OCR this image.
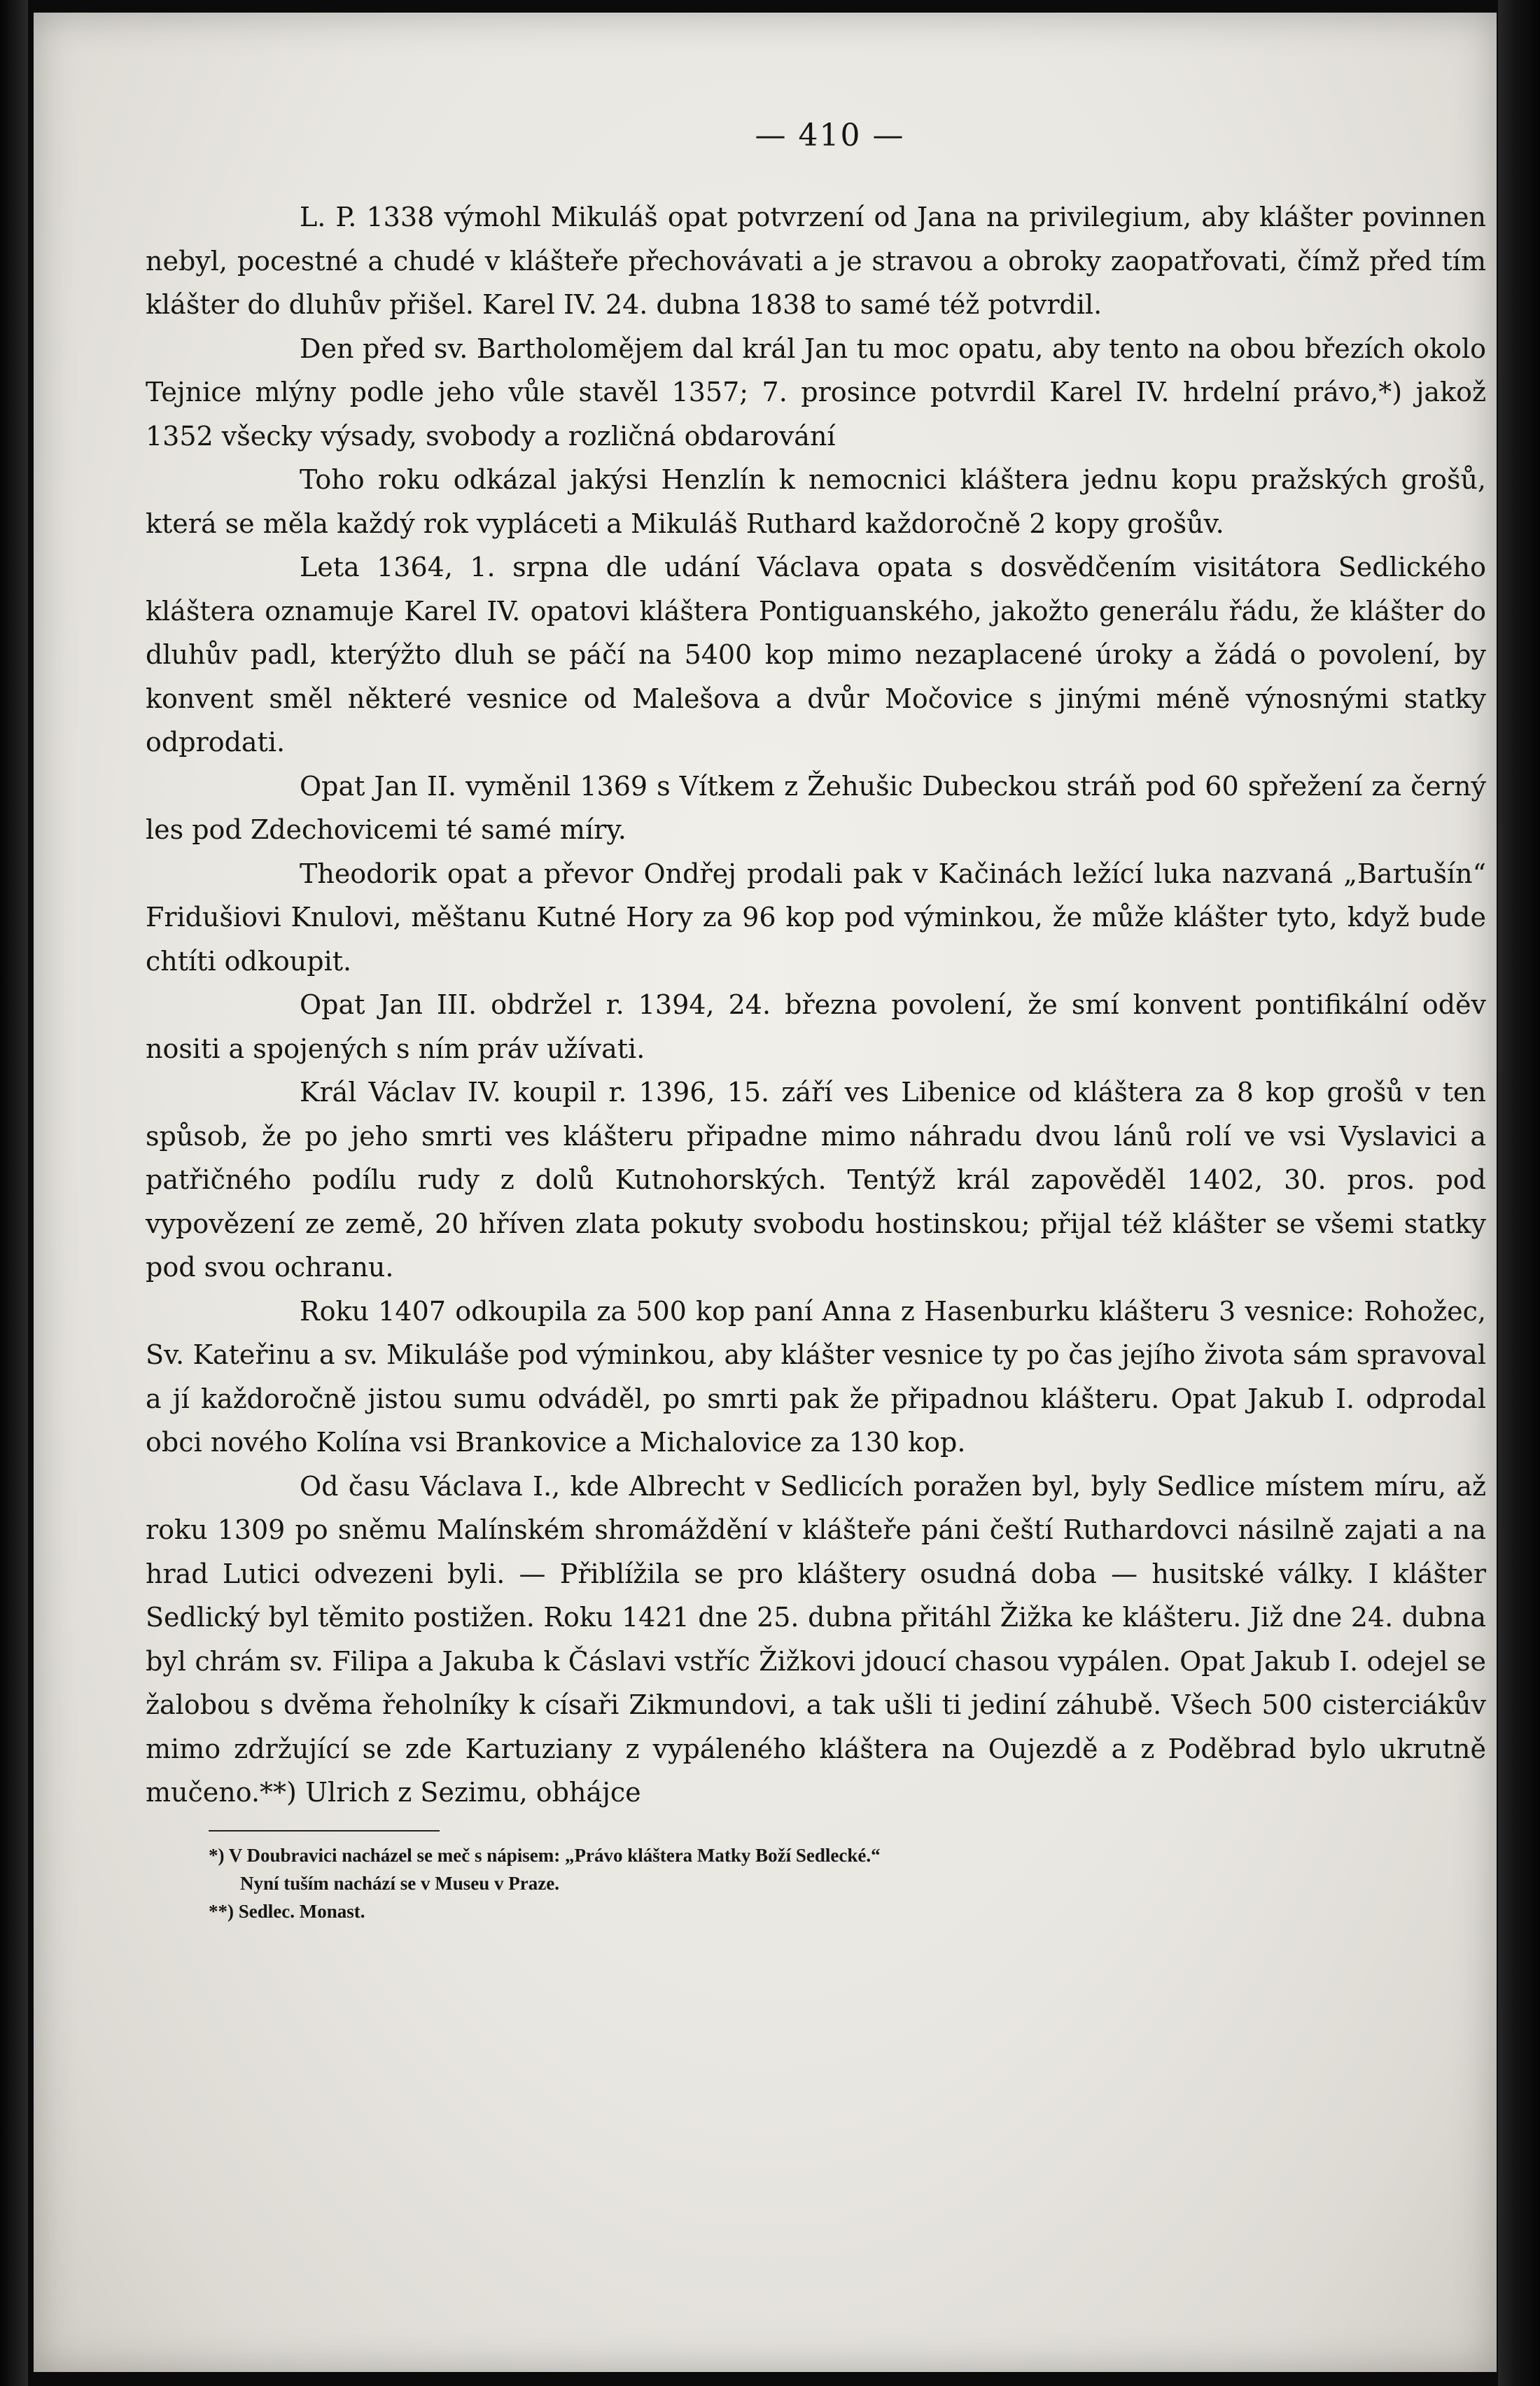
— 410 —

L. P. 1338 výmohl Mikuláš opat potvrzení od Jana na privilegium, aby klášter povinnen nebyl, pocestné a chudé v klášteře přechovávati a je stravou a obroky zaopatřovati, čímž před tím klášter do dluhův přišel. Karel IV. 24. dubna 1838 to samé též potvrdil.

Den před sv. Bartholomějem dal král Jan tu moc opatu, aby tento na obou březích okolo Tejnice mlýny podle jeho vůle stavěl 1357; 7. prosince potvrdil Karel IV. hrdelní právo,*) jakož 1352 všecky výsady, svobody a rozličná obdarování

Toho roku odkázal jakýsi Henzlín k nemocnici kláštera jednu kopu pražských grošů, která se měla každý rok vypláceti a Mikuláš Ruthard každoročně 2 kopy grošův.

Leta 1364, 1. srpna dle udání Václava opata s dosvědčením visitátora Sedlického kláštera oznamuje Karel IV. opatovi kláštera Pontiguanského, jakožto generálu řádu, že klášter do dluhův padl, kterýžto dluh se páčí na 5400 kop mimo nezaplacené úroky a žádá o povolení, by konvent směl některé vesnice od Malešova a dvůr Močovice s jinými méně výnosnými statky odprodati.

Opat Jan II. vyměnil 1369 s Vítkem z Žehušic Dubeckou stráň pod 60 spřežení za černý les pod Zdechovicemi té samé míry.

Theodorik opat a převor Ondřej prodali pak v Kačinách ležící luka nazvaná „Bartušín“ Fridušiovi Knulovi, měštanu Kutné Hory za 96 kop pod výminkou, že může klášter tyto, když bude chtíti odkoupit.

Opat Jan III. obdržel r. 1394, 24. března povolení, že smí konvent pontifikální oděv nositi a spojených s ním práv užívati.

Král Václav IV. koupil r. 1396, 15. září ves Libenice od kláštera za 8 kop grošů v ten spůsob, že po jeho smrti ves klášteru připadne mimo náhradu dvou lánů rolí ve vsi Vyslavici a patřičného podílu rudy z dolů Kutnohorských. Tentýž král zapověděl 1402, 30. pros. pod vypovězení ze země, 20 hříven zlata pokuty svobodu hostinskou; přijal též klášter se všemi statky pod svou ochranu.

Roku 1407 odkoupila za 500 kop paní Anna z Hasenburku klášteru 3 vesnice: Rohožec, Sv. Kateřinu a sv. Mikuláše pod výminkou, aby klášter vesnice ty po čas jejího života sám spravoval a jí každoročně jistou sumu odváděl, po smrti pak že připadnou klášteru. Opat Jakub I. odprodal obci nového Kolína vsi Brankovice a Michalovice za 130 kop.

Od času Václava I., kde Albrecht v Sedlicích poražen byl, byly Sedlice místem míru, až roku 1309 po sněmu Malínském shromáždění v klášteře páni čeští Ruthardovci násilně zajati a na hrad Lutici odvezeni byli. — Přiblížila se pro kláštery osudná doba — husitské války. I klášter Sedlický byl těmito postižen. Roku 1421 dne 25. dubna přitáhl Žižka ke klášteru. Již dne 24. dubna byl chrám sv. Filipa a Jakuba k Čáslavi vstříc Žižkovi jdoucí chasou vypálen. Opat Jakub I. odejel se žalobou s dvěma řeholníky k císaři Zikmundovi, a tak ušli ti jediní záhubě. Všech 500 cisterciákův mimo zdržující se zde Kartuziany z vypáleného kláštera na Oujezdě a z Poděbrad bylo ukrutně mučeno.**) Ulrich z Sezimu, obhájce

*) V Doubravici nacházel se meč s nápisem: „Právo kláštera Matky Boží Sedlecké.“
Nyní tuším nachází se v Museu v Praze.

**) Sedlec. Monast.
